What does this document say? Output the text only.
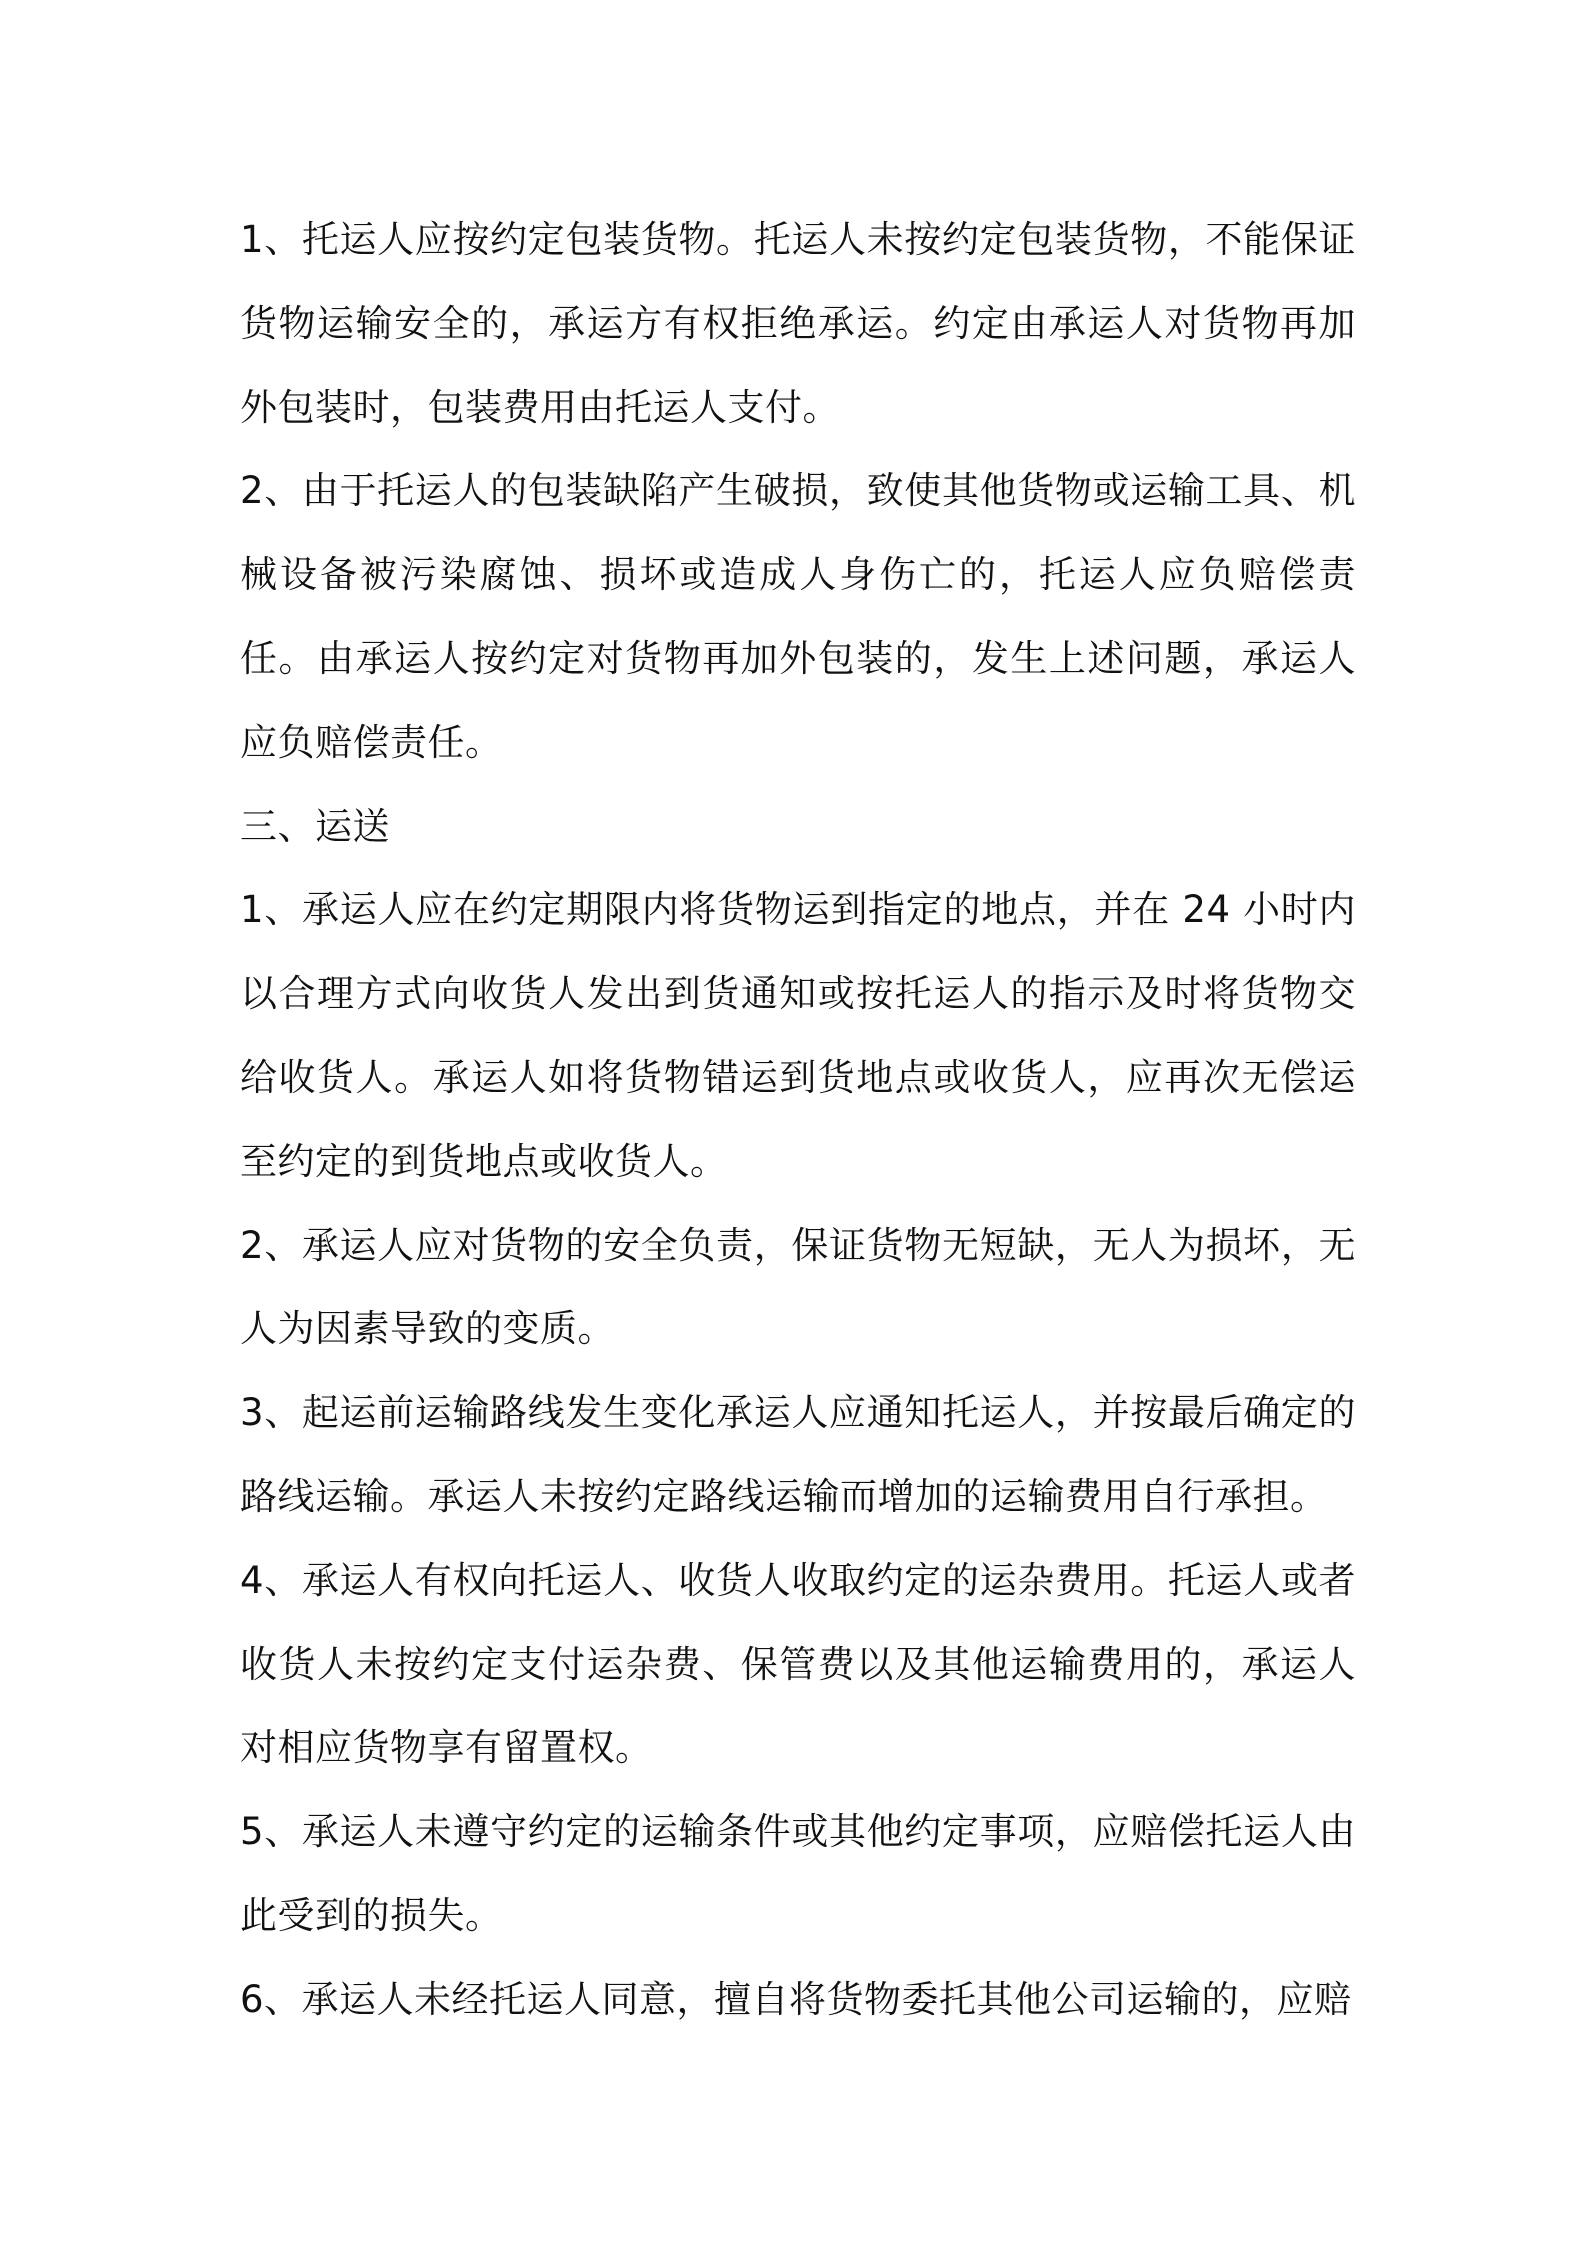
1、托运人应按约定包装货物。托运人未按约定包装货物，不能保证货物运输安全的，承运方有权拒绝承运。约定由承运人对货物再加外包装时，包装费用由托运人支付。

2、由于托运人的包装缺陷产生破损，致使其他货物或运输工具、机械设备被污染腐蚀、损坏或造成人身伤亡的，托运人应负赔偿责任。由承运人按约定对货物再加外包装的，发生上述问题，承运人应负赔偿责任。

三、运送

1、承运人应在约定期限内将货物运到指定的地点，并在 24 小时内以合理方式向收货人发出到货通知或按托运人的指示及时将货物交给收货人。承运人如将货物错运到货地点或收货人，应再次无偿运至约定的到货地点或收货人。

2、承运人应对货物的安全负责，保证货物无短缺，无人为损坏，无人为因素导致的变质。

3、起运前运输路线发生变化承运人应通知托运人，并按最后确定的路线运输。承运人未按约定路线运输而增加的运输费用自行承担。

4、承运人有权向托运人、收货人收取约定的运杂费用。托运人或者收货人未按约定支付运杂费、保管费以及其他运输费用的，承运人对相应货物享有留置权。

5、承运人未遵守约定的运输条件或其他约定事项，应赔偿托运人由此受到的损失。

6、承运人未经托运人同意，擅自将货物委托其他公司运输的，应赔
